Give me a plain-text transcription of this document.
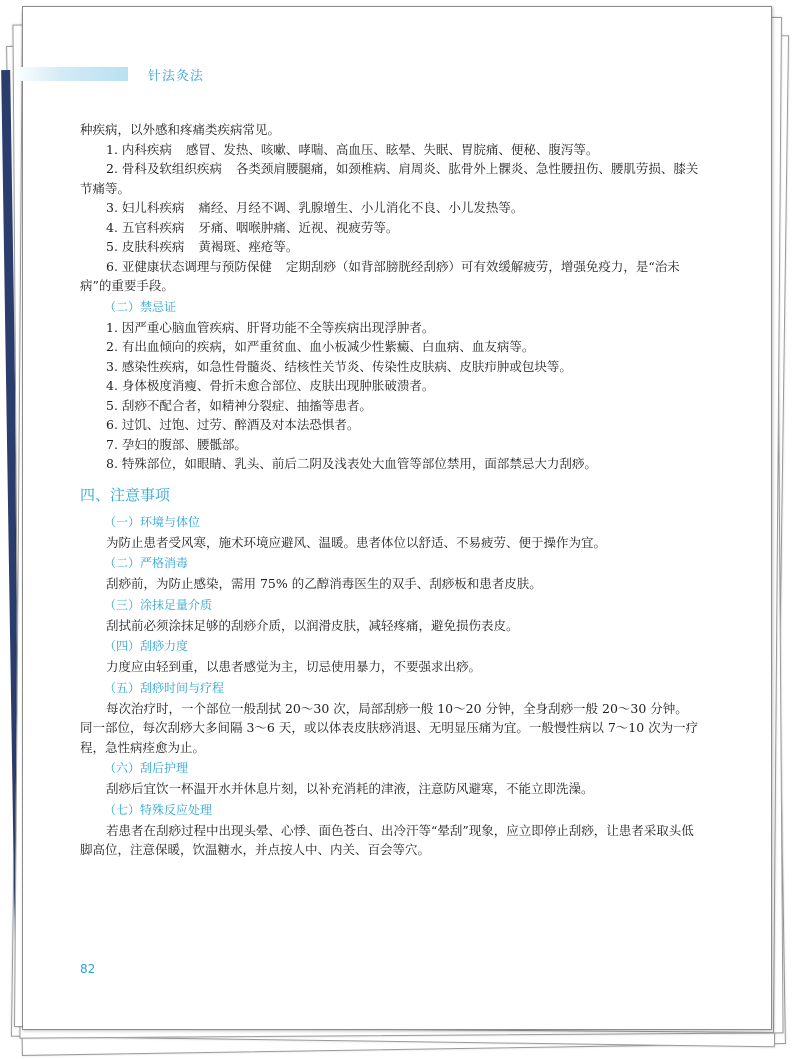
针法灸法

种疾病，以外感和疼痛类疾病常见。

1. 内科疾病 感冒、发热、咳嗽、哮喘、高血压、眩晕、失眠、胃脘痛、便秘、腹泻等。

2. 骨科及软组织疾病 各类颈肩腰腿痛，如颈椎病、肩周炎、肱骨外上髁炎、急性腰扭伤、腰肌劳损、膝关节痛等。

3. 妇儿科疾病 痛经、月经不调、乳腺增生、小儿消化不良、小儿发热等。

4. 五官科疾病 牙痛、咽喉肿痛、近视、视疲劳等。

5. 皮肤科疾病 黄褐斑、痤疮等。

6. 亚健康状态调理与预防保健 定期刮痧（如背部膀胱经刮痧）可有效缓解疲劳，增强免疫力，是“治未病”的重要手段。

（二）禁忌证

1. 因严重心脑血管疾病、肝肾功能不全等疾病出现浮肿者。

2. 有出血倾向的疾病，如严重贫血、血小板减少性紫癜、白血病、血友病等。

3. 感染性疾病，如急性骨髓炎、结核性关节炎、传染性皮肤病、皮肤疖肿或包块等。

4. 身体极度消瘦、骨折未愈合部位、皮肤出现肿胀破溃者。

5. 刮痧不配合者，如精神分裂症、抽搐等患者。

6. 过饥、过饱、过劳、醉酒及对本法恐惧者。

7. 孕妇的腹部、腰骶部。

8. 特殊部位，如眼睛、乳头、前后二阴及浅表处大血管等部位禁用，面部禁忌大力刮痧。

四、注意事项
（一）环境与体位

为防止患者受风寒，施术环境应避风、温暖。患者体位以舒适、不易疲劳、便于操作为宜。

（二）严格消毒

刮痧前，为防止感染，需用 75% 的乙醇消毒医生的双手、刮痧板和患者皮肤。

（三）涂抹足量介质

刮拭前必须涂抹足够的刮痧介质，以润滑皮肤，减轻疼痛，避免损伤表皮。

（四）刮痧力度

力度应由轻到重，以患者感觉为主，切忌使用暴力，不要强求出痧。

（五）刮痧时间与疗程

每次治疗时，一个部位一般刮拭 20～30 次，局部刮痧一般 10～20 分钟，全身刮痧一般 20～30 分钟。同一部位，每次刮痧大多间隔 3～6 天，或以体表皮肤痧消退、无明显压痛为宜。一般慢性病以 7～10 次为一疗程，急性病痊愈为止。

（六）刮后护理

刮痧后宜饮一杯温开水并休息片刻，以补充消耗的津液，注意防风避寒，不能立即洗澡。

（七）特殊反应处理

若患者在刮痧过程中出现头晕、心悸、面色苍白、出冷汗等“晕刮”现象，应立即停止刮痧，让患者采取头低脚高位，注意保暖，饮温糖水，并点按人中、内关、百会等穴。

82
